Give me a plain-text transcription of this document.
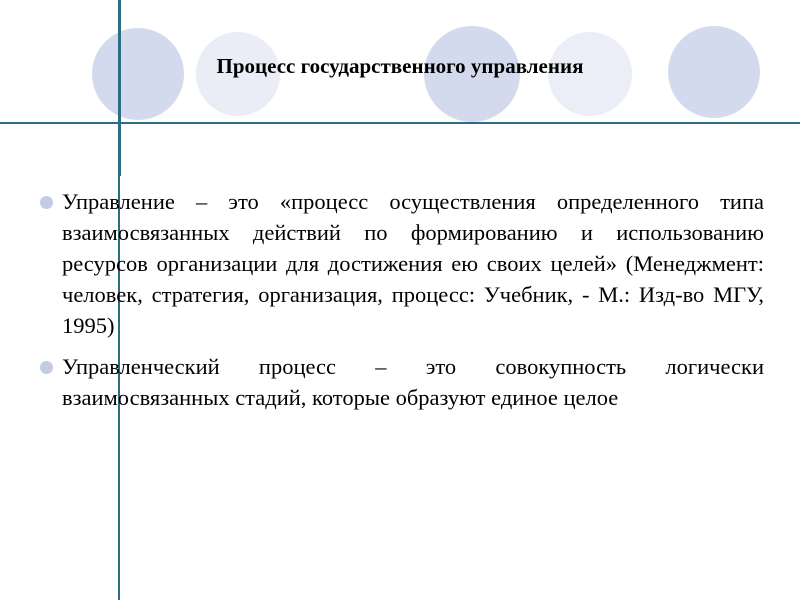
Процесс государственного управления
Управление – это «процесс осуществления определенного типа взаимосвязанных действий по формированию и использованию ресурсов организации для достижения ею своих целей» (Менеджмент: человек, стратегия, организация, процесс: Учебник, - М.: Изд-во МГУ, 1995)
Управленческий процесс – это совокупность логически взаимосвязанных стадий, которые образуют единое целое
